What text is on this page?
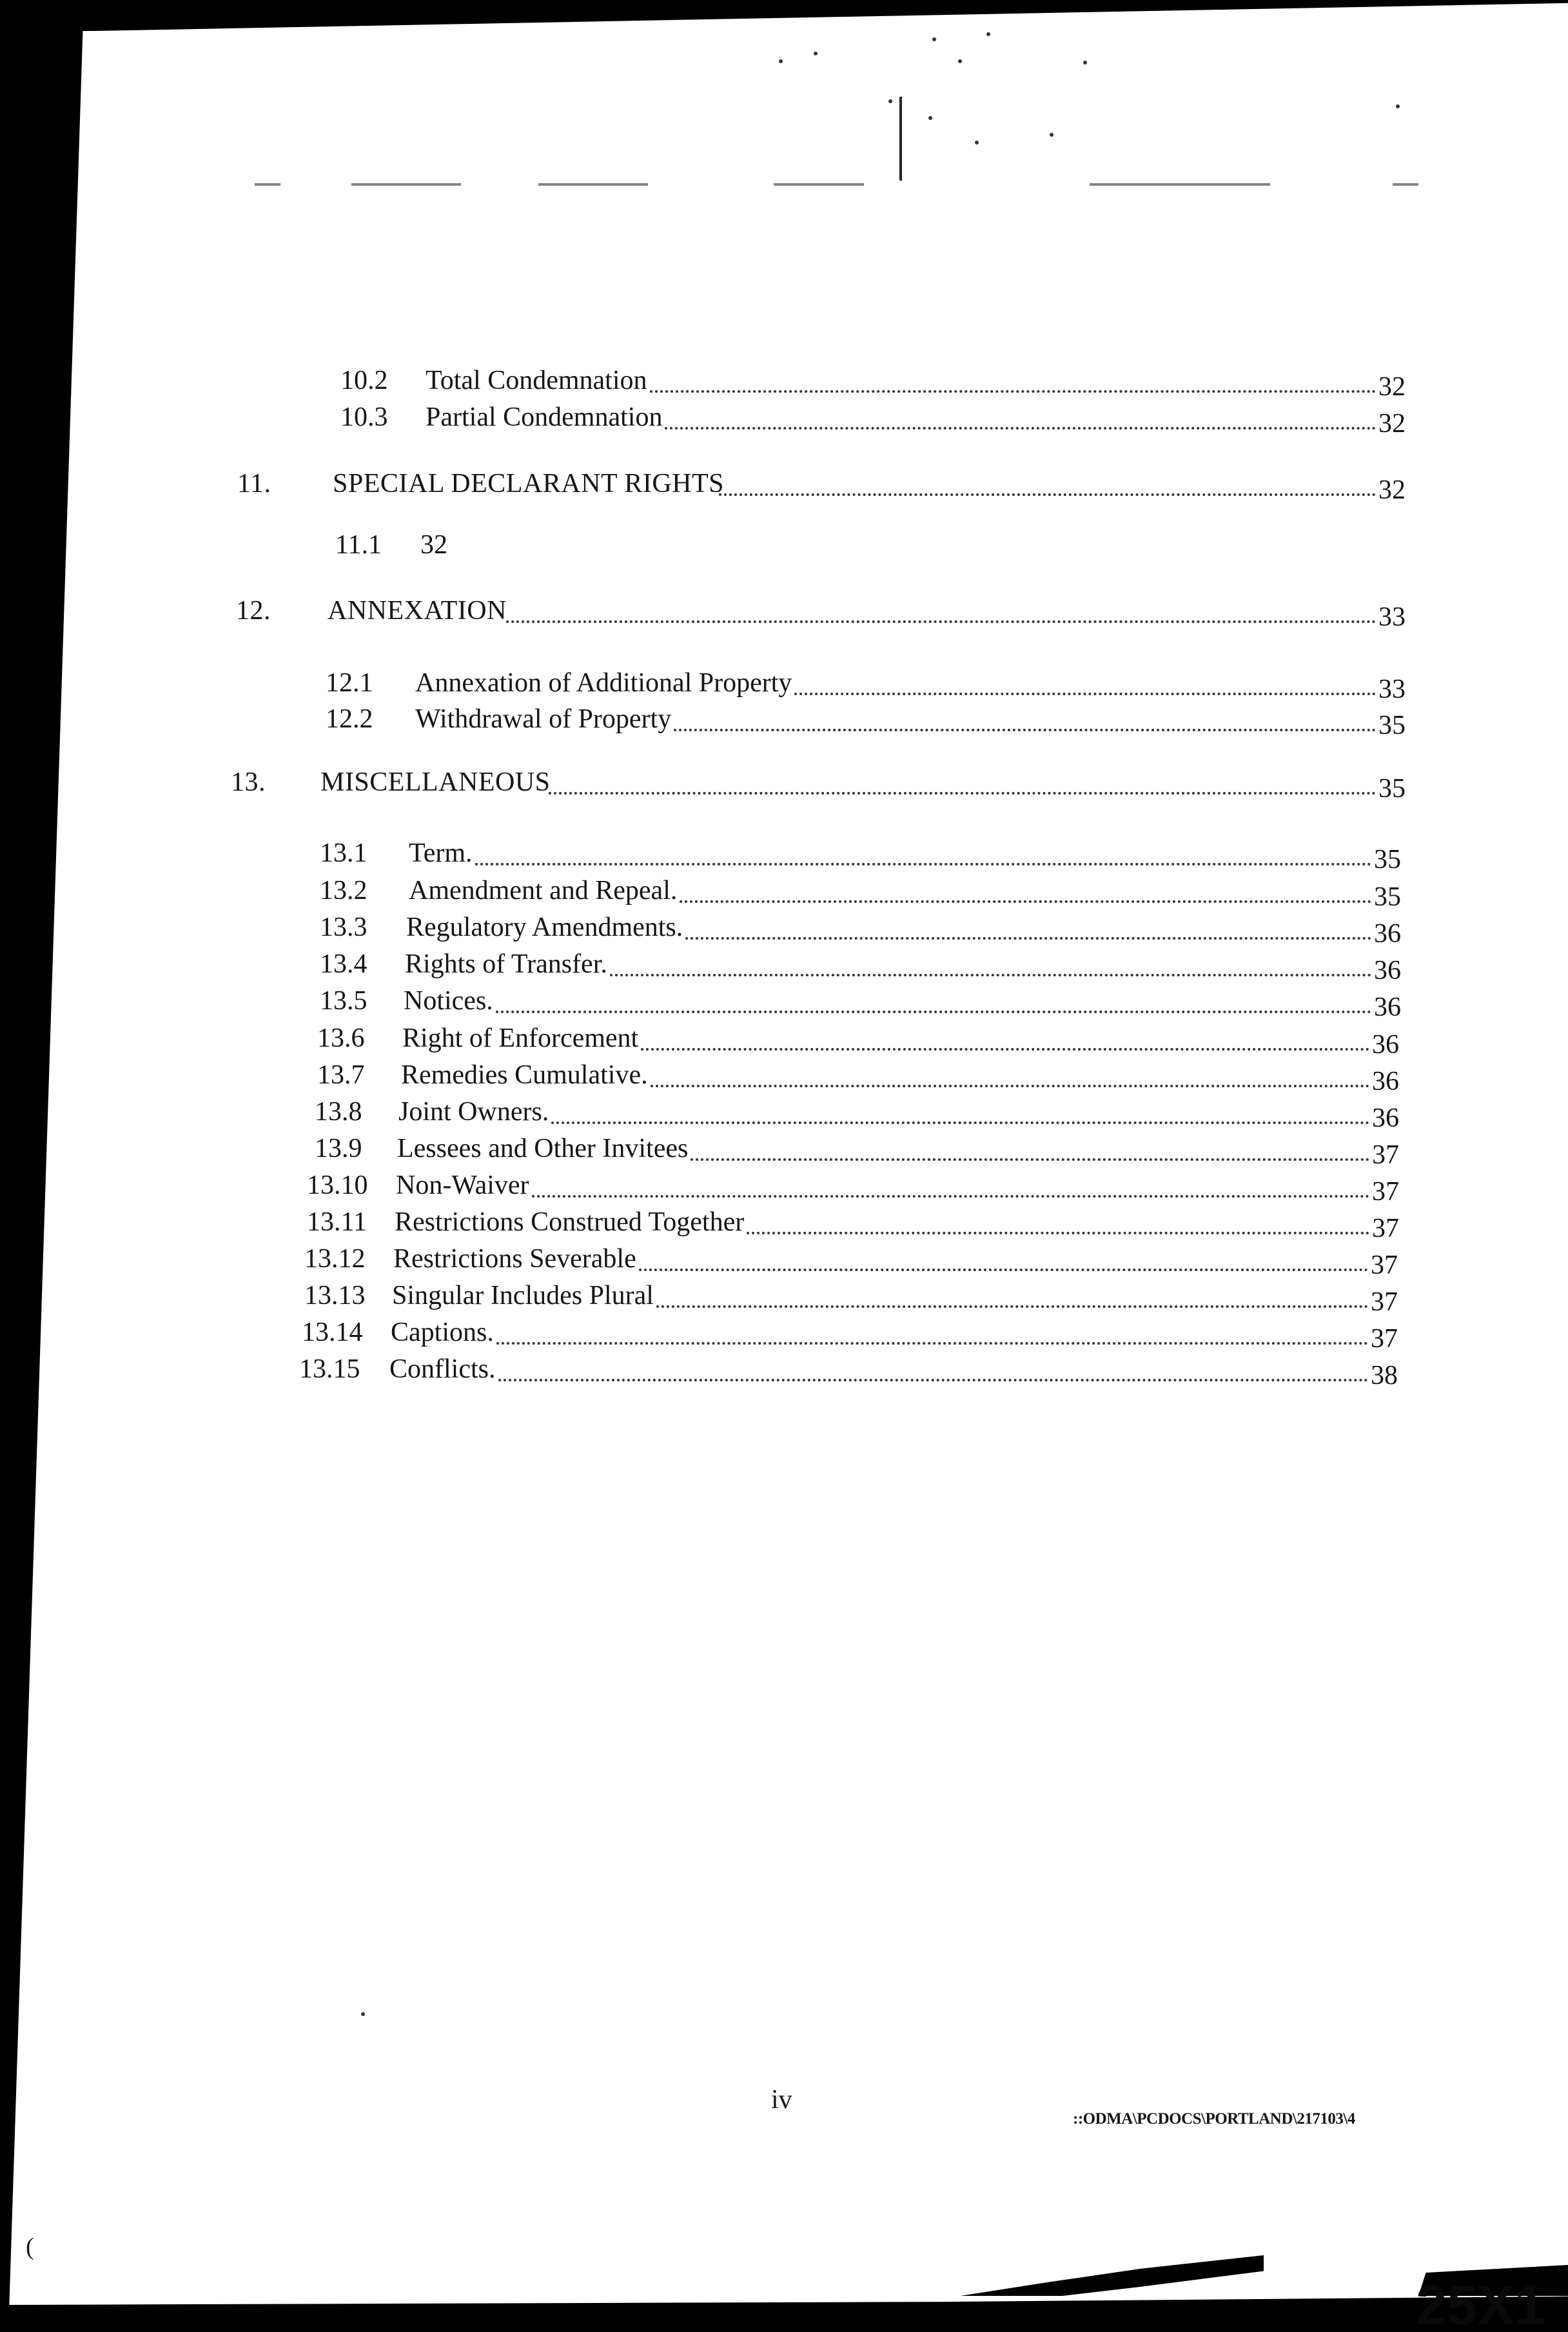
10.2 Total Condemnation	32
10.3 Partial Condemnation	32
11. SPECIAL DECLARANT RIGHTS	32
11.1 32
12. ANNEXATION	33
12.1 Annexation of Additional Property	33
12.2 Withdrawal of Property	35
13. MISCELLANEOUS	35
13.1 Term.	35
13.2 Amendment and Repeal.	35
13.3 Regulatory Amendments.	36
13.4 Rights of Transfer.	36
13.5 Notices.	36
13.6 Right of Enforcement	36
13.7 Remedies Cumulative.	36
13.8 Joint Owners.	36
13.9 Lessees and Other Invitees	37
13.10 Non-Waiver	37
13.11 Restrictions Construed Together	37
13.12 Restrictions Severable	37
13.13 Singular Includes Plural	37
13.14 Captions.	37
13.15 Conflicts.	38
iv
::ODMA\PCDOCS\PORTLAND\217103\4
(
25X1
